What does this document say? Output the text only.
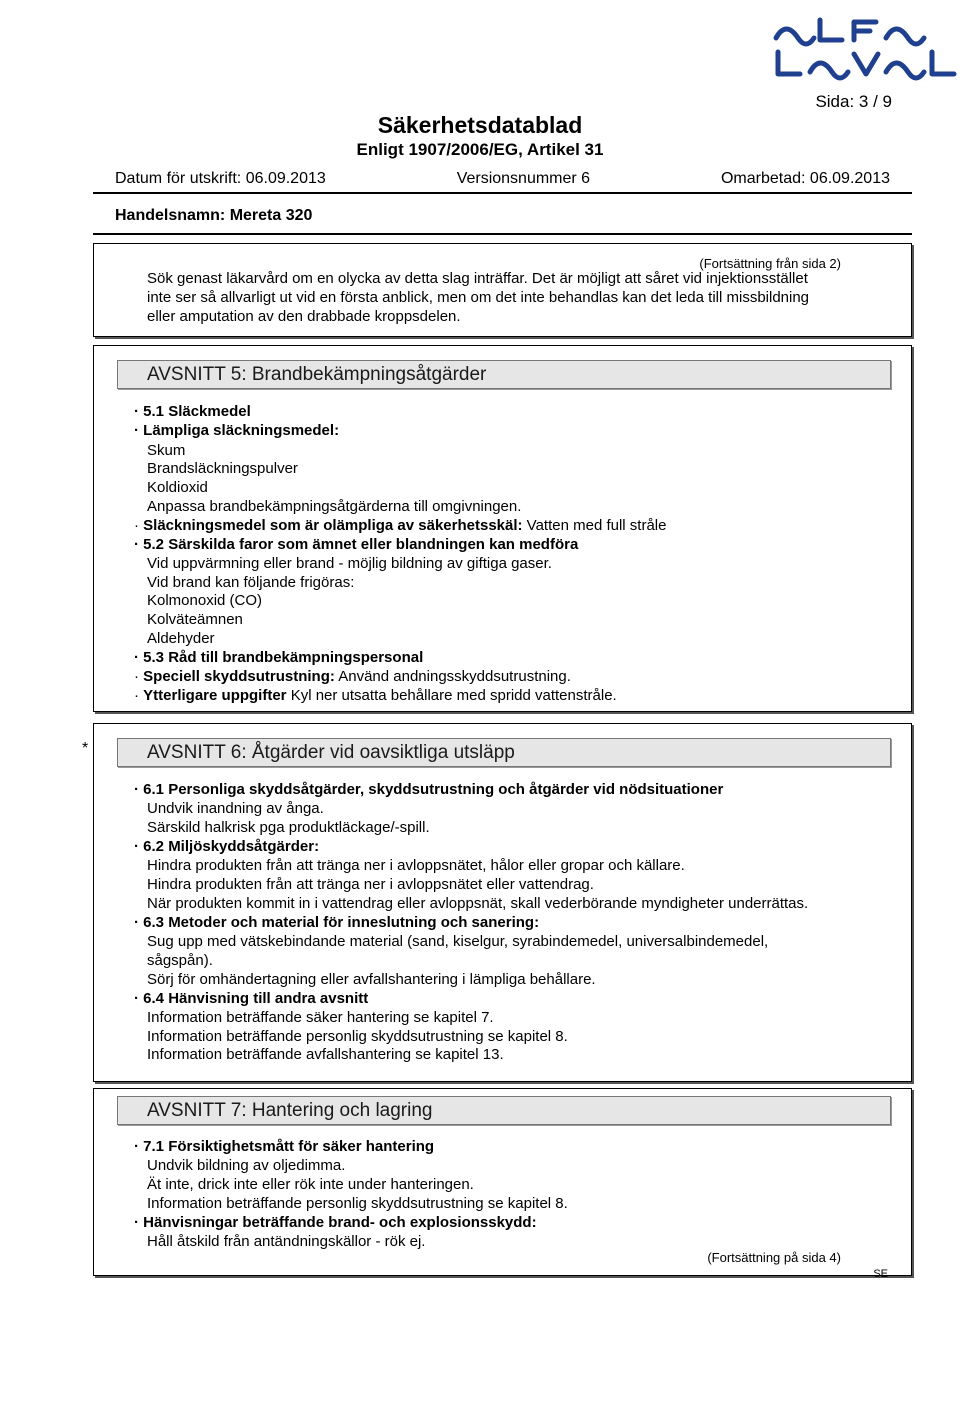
Sida: 3 / 9
Säkerhetsdatablad
Enligt 1907/2006/EG, Artikel 31
Datum för utskrift: 06.09.2013	Versionsnummer 6	Omarbetad: 06.09.2013
Handelsnamn: Mereta 320
(Fortsättning från sida 2)
Sök genast läkarvård om en olycka av detta slag inträffar. Det är möjligt att såret vid injektionsstället
inte ser så allvarligt ut vid en första anblick, men om det inte behandlas kan det leda till missbildning
eller amputation av den drabbade kroppsdelen.
AVSNITT 5: Brandbekämpningsåtgärder
· 5.1 Släckmedel
· Lämpliga släckningsmedel:
Skum
Brandsläckningspulver
Koldioxid
Anpassa brandbekämpningsåtgärderna till omgivningen.
· Släckningsmedel som är olämpliga av säkerhetsskäl: Vatten med full stråle
· 5.2 Särskilda faror som ämnet eller blandningen kan medföra
Vid uppvärmning eller brand - möjlig bildning av giftiga gaser.
Vid brand kan följande frigöras:
Kolmonoxid (CO)
Kolväteämnen
Aldehyder
· 5.3 Råd till brandbekämpningspersonal
· Speciell skyddsutrustning: Använd andningsskyddsutrustning.
· Ytterligare uppgifter Kyl ner utsatta behållare med spridd vattenstråle.
*	AVSNITT 6: Åtgärder vid oavsiktliga utsläpp
· 6.1 Personliga skyddsåtgärder, skyddsutrustning och åtgärder vid nödsituationer
Undvik inandning av ånga.
Särskild halkrisk pga produktläckage/-spill.
· 6.2 Miljöskyddsåtgärder:
Hindra produkten från att tränga ner i avloppsnätet, hålor eller gropar och källare.
Hindra produkten från att tränga ner i avloppsnätet eller vattendrag.
När produkten kommit in i vattendrag eller avloppsnät, skall vederbörande myndigheter underrättas.
· 6.3 Metoder och material för inneslutning och sanering:
Sug upp med vätskebindande material (sand, kiselgur, syrabindemedel, universalbindemedel,
sågspån).
Sörj för omhändertagning eller avfallshantering i lämpliga behållare.
· 6.4 Hänvisning till andra avsnitt
Information beträffande säker hantering se kapitel 7.
Information beträffande personlig skyddsutrustning se kapitel 8.
Information beträffande avfallshantering se kapitel 13.
AVSNITT 7: Hantering och lagring
· 7.1 Försiktighetsmått för säker hantering
Undvik bildning av oljedimma.
Ät inte, drick inte eller rök inte under hanteringen.
Information beträffande personlig skyddsutrustning se kapitel 8.
· Hänvisningar beträffande brand- och explosionsskydd:
Håll åtskild från antändningskällor - rök ej.
(Fortsättning på sida 4)
SE
